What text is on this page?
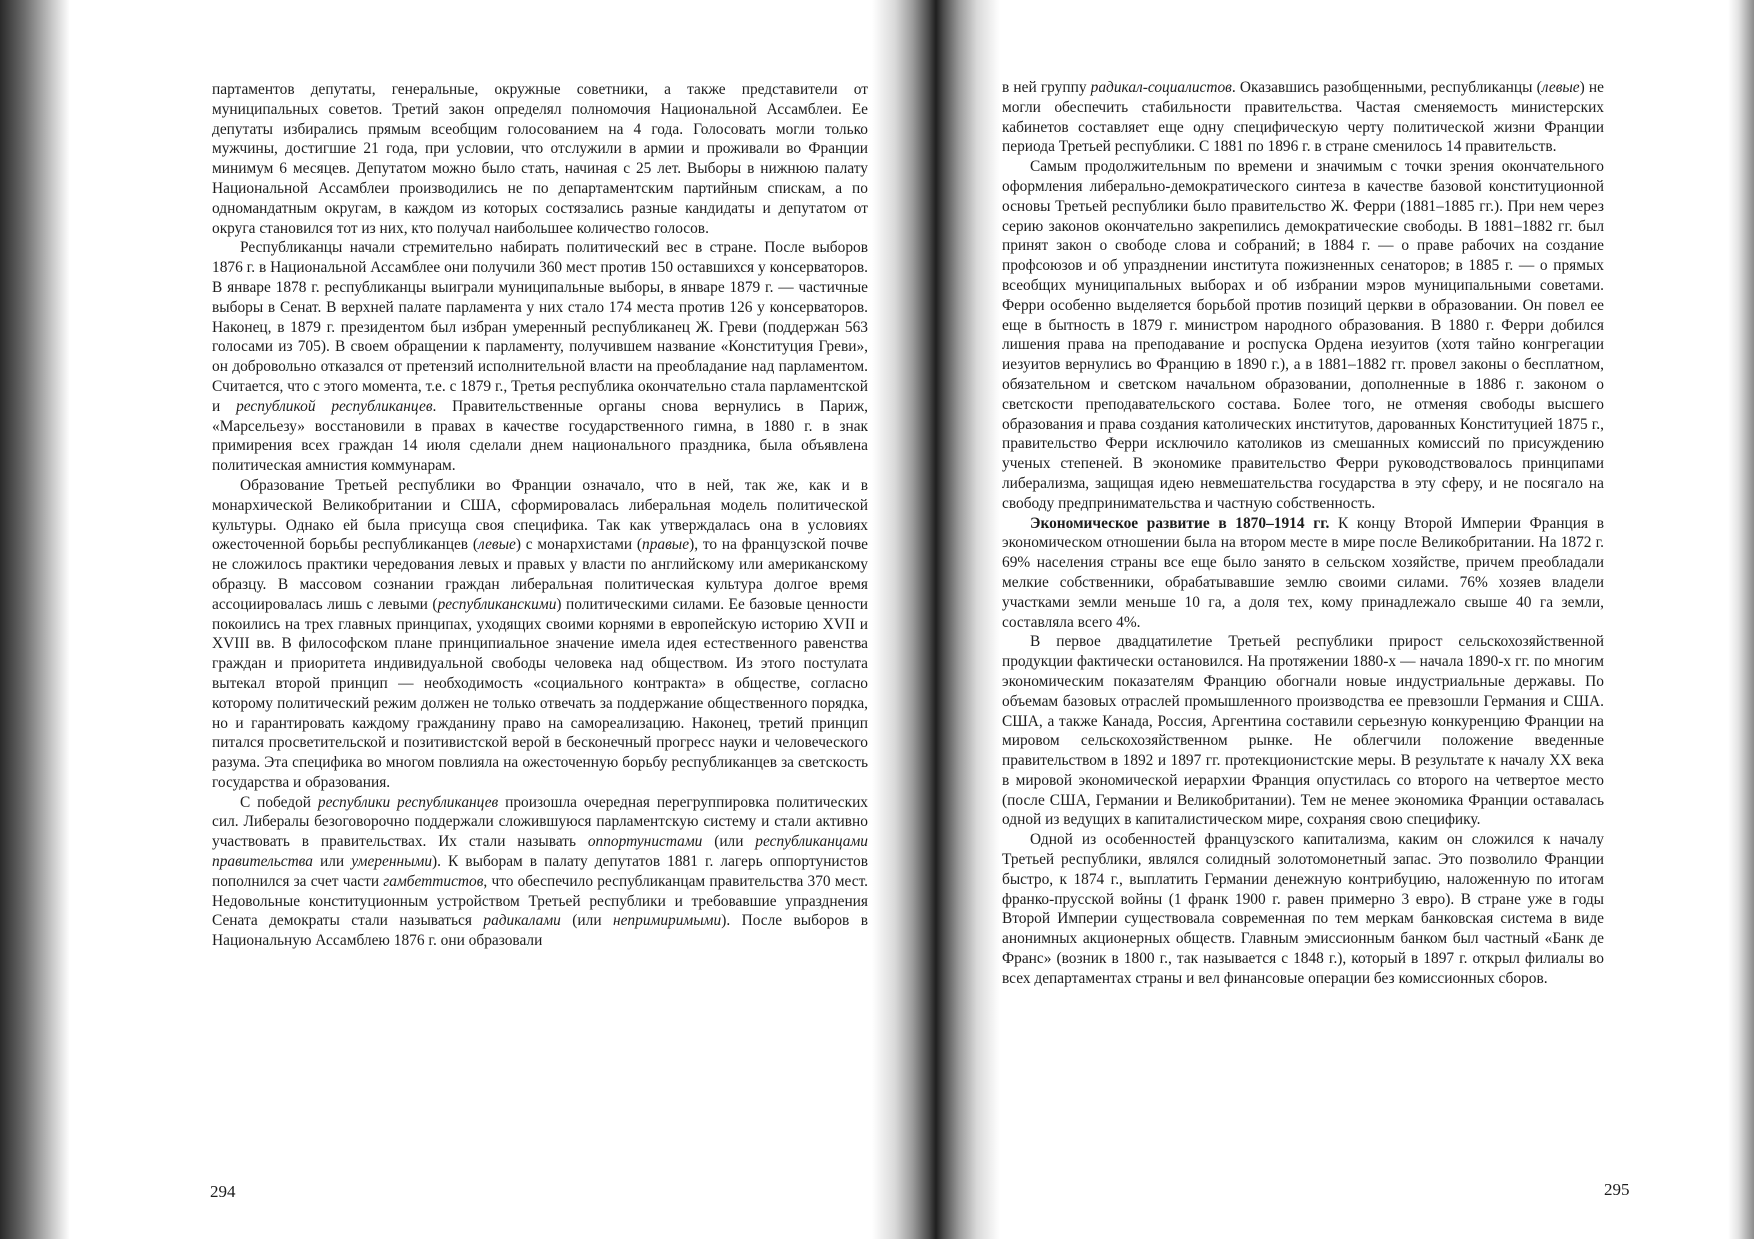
партаментов депутаты, генеральные, окружные советники, а также представители от муниципальных советов. Третий закон определял полномочия Национальной Ассамблеи. Ее депутаты избирались прямым всеобщим голосованием на 4 года. Голосовать могли только мужчины, достигшие 21 года, при условии, что отслужили в армии и проживали во Франции минимум 6 месяцев. Депутатом можно было стать, начиная с 25 лет. Выборы в нижнюю палату Национальной Ассамблеи производились не по департаментским партийным спискам, а по одномандатным округам, в каждом из которых состязались разные кандидаты и депутатом от округа становился тот из них, кто получал наибольшее количество голосов.

Республиканцы начали стремительно набирать политический вес в стране. После выборов 1876 г. в Национальной Ассамблее они получили 360 мест против 150 оставшихся у консерваторов. В январе 1878 г. республиканцы выиграли муниципальные выборы, в январе 1879 г. — частичные выборы в Сенат. В верхней палате парламента у них стало 174 места против 126 у консерваторов. Наконец, в 1879 г. президентом был избран умеренный республиканец Ж. Греви (поддержан 563 голосами из 705). В своем обращении к парламенту, получившем название «Конституция Греви», он добровольно отказался от претензий исполнительной власти на преобладание над парламентом. Считается, что с этого момента, т.е. с 1879 г., Третья республика окончательно стала парламентской и республикой республиканцев. Правительственные органы снова вернулись в Париж, «Марсельезу» восстановили в правах в качестве государственного гимна, в 1880 г. в знак примирения всех граждан 14 июля сделали днем национального праздника, была объявлена политическая амнистия коммунарам.

Образование Третьей республики во Франции означало, что в ней, так же, как и в монархической Великобритании и США, сформировалась либеральная модель политической культуры. Однако ей была присуща своя специфика. Так как утверждалась она в условиях ожесточенной борьбы республиканцев (левые) с монархистами (правые), то на французской почве не сложилось практики чередования левых и правых у власти по английскому или американскому образцу. В массовом сознании граждан либеральная политическая культура долгое время ассоциировалась лишь с левыми (республиканскими) политическими силами. Ее базовые ценности покоились на трех главных принципах, уходящих своими корнями в европейскую историю XVII и XVIII вв. В философском плане принципиальное значение имела идея естественного равенства граждан и приоритета индивидуальной свободы человека над обществом. Из этого постулата вытекал второй принцип — необходимость «социального контракта» в обществе, согласно которому политический режим должен не только отвечать за поддержание общественного порядка, но и гарантировать каждому гражданину право на самореализацию. Наконец, третий принцип питался просветительской и позитивистской верой в бесконечный прогресс науки и человеческого разума. Эта специфика во многом повлияла на ожесточенную борьбу республиканцев за светскость государства и образования.

С победой республики республиканцев произошла очередная перегруппировка политических сил. Либералы безоговорочно поддержали сложившуюся парламентскую систему и стали активно участвовать в правительствах. Их стали называть оппортунистами (или республиканцами правительства или умеренными). К выборам в палату депутатов 1881 г. лагерь оппортунистов пополнился за счет части гамбеттистов, что обеспечило республиканцам правительства 370 мест. Недовольные конституционным устройством Третьей республики и требовавшие упразднения Сената демократы стали называться радикалами (или непримиримыми). После выборов в Национальную Ассамблею 1876 г. они образовали

294

в ней группу радикал-социалистов. Оказавшись разобщенными, республиканцы (левые) не могли обеспечить стабильности правительства. Частая сменяемость министерских кабинетов составляет еще одну специфическую черту политической жизни Франции периода Третьей республики. С 1881 по 1896 г. в стране сменилось 14 правительств.

Самым продолжительным по времени и значимым с точки зрения окончательного оформления либерально-демократического синтеза в качестве базовой конституционной основы Третьей республики было правительство Ж. Ферри (1881–1885 гг.). При нем через серию законов окончательно закрепились демократические свободы. В 1881–1882 гг. был принят закон о свободе слова и собраний; в 1884 г. — о праве рабочих на создание профсоюзов и об упразднении института пожизненных сенаторов; в 1885 г. — о прямых всеобщих муниципальных выборах и об избрании мэров муниципальными советами. Ферри особенно выделяется борьбой против позиций церкви в образовании. Он повел ее еще в бытность в 1879 г. министром народного образования. В 1880 г. Ферри добился лишения права на преподавание и роспуска Ордена иезуитов (хотя тайно конгрегации иезуитов вернулись во Францию в 1890 г.), а в 1881–1882 гг. провел законы о бесплатном, обязательном и светском начальном образовании, дополненные в 1886 г. законом о светскости преподавательского состава. Более того, не отменяя свободы высшего образования и права создания католических институтов, дарованных Конституцией 1875 г., правительство Ферри исключило католиков из смешанных комиссий по присуждению ученых степеней. В экономике правительство Ферри руководствовалось принципами либерализма, защищая идею невмешательства государства в эту сферу, и не посягало на свободу предпринимательства и частную собственность.

Экономическое развитие в 1870–1914 гг. К концу Второй Империи Франция в экономическом отношении была на втором месте в мире после Великобритании. На 1872 г. 69% населения страны все еще было занято в сельском хозяйстве, причем преобладали мелкие собственники, обрабатывавшие землю своими силами. 76% хозяев владели участками земли меньше 10 га, а доля тех, кому принадлежало свыше 40 га земли, составляла всего 4%.

В первое двадцатилетие Третьей республики прирост сельскохозяйственной продукции фактически остановился. На протяжении 1880-х — начала 1890-х гг. по многим экономическим показателям Францию обогнали новые индустриальные державы. По объемам базовых отраслей промышленного производства ее превзошли Германия и США. США, а также Канада, Россия, Аргентина составили серьезную конкуренцию Франции на мировом сельскохозяйственном рынке. Не облегчили положение введенные правительством в 1892 и 1897 гг. протекционистские меры. В результате к началу XX века в мировой экономической иерархии Франция опустилась со второго на четвертое место (после США, Германии и Великобритании). Тем не менее экономика Франции оставалась одной из ведущих в капиталистическом мире, сохраняя свою специфику.

Одной из особенностей французского капитализма, каким он сложился к началу Третьей республики, являлся солидный золотомонетный запас. Это позволило Франции быстро, к 1874 г., выплатить Германии денежную контрибуцию, наложенную по итогам франко-прусской войны (1 франк 1900 г. равен примерно 3 евро). В стране уже в годы Второй Империи существовала современная по тем меркам банковская система в виде анонимных акционерных обществ. Главным эмиссионным банком был частный «Банк де Франс» (возник в 1800 г., так называется с 1848 г.), который в 1897 г. открыл филиалы во всех департаментах страны и вел финансовые операции без комиссионных сборов.

295
